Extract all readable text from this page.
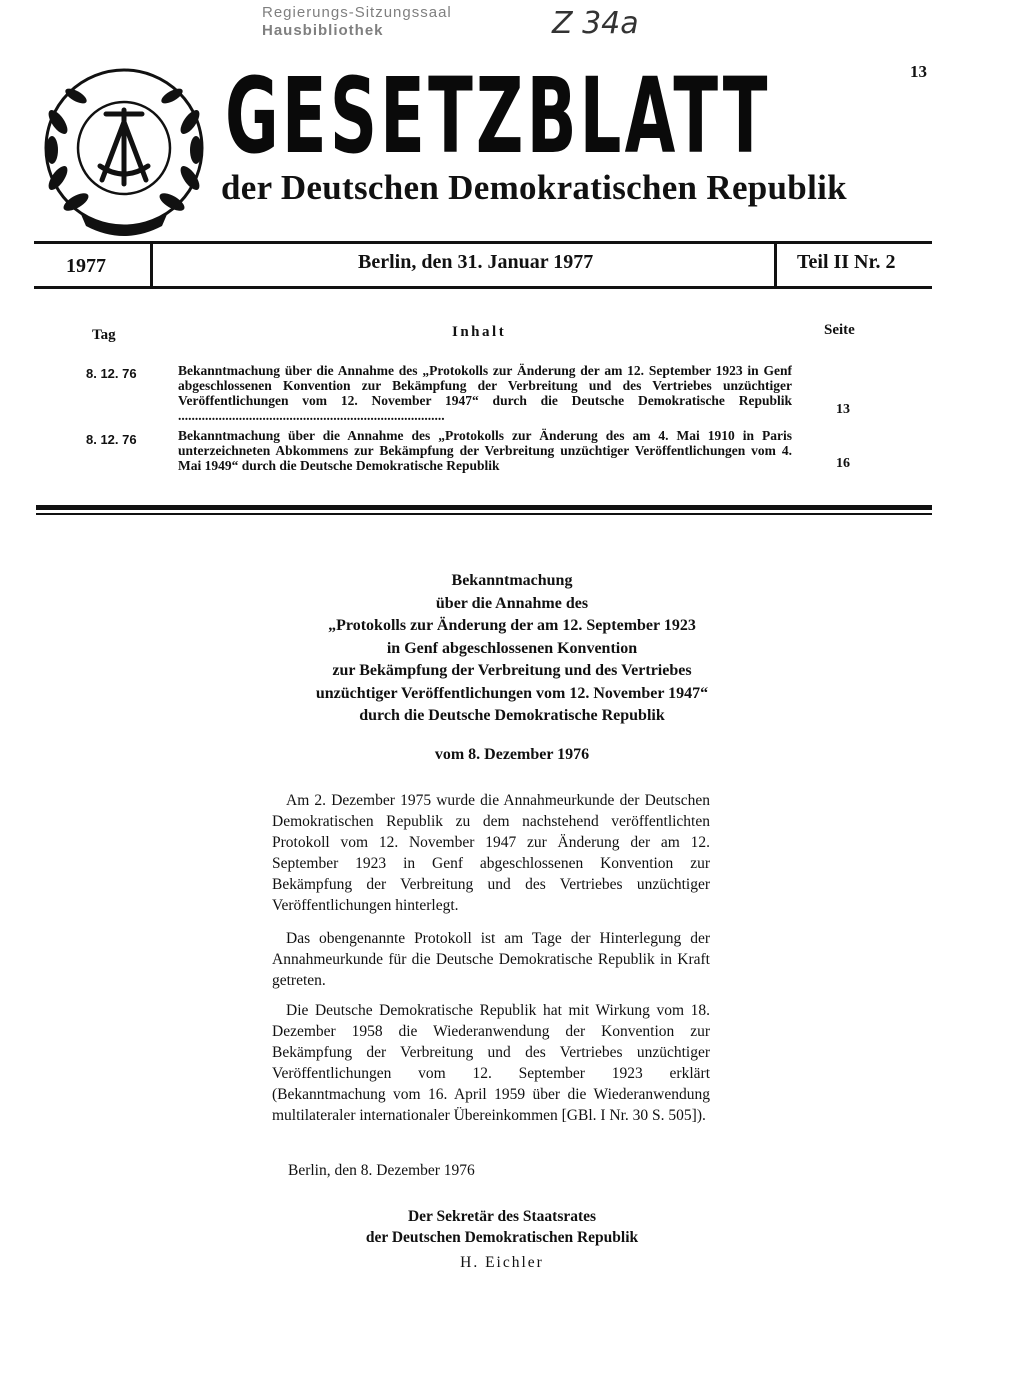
Regierungs-Sitzungssaal
Hausbibliothek	Z 34a
GESETZBLATT
der Deutschen Demokratischen Republik
13
1977	Berlin, den 31. Januar 1977	Teil II Nr. 2
Tag	Inhalt	Seite
8. 12. 76	Bekanntmachung über die Annahme des „Protokolls zur Änderung der am 12. September 1923 in Genf abgeschlossenen Konvention zur Bekämpfung der Verbreitung und des Vertriebes unzüchtiger Veröffentlichungen vom 12. November 1947“ durch die Deutsche Demokratische Republik ...............................................................................	13
8. 12. 76	Bekanntmachung über die Annahme des „Protokolls zur Änderung des am 4. Mai 1910 in Paris unterzeichneten Abkommens zur Bekämpfung der Verbreitung unzüchtiger Veröffentlichungen vom 4. Mai 1949“ durch die Deutsche Demokratische Republik	16
Bekanntmachung
über die Annahme des
„Protokolls zur Änderung der am 12. September 1923
in Genf abgeschlossenen Konvention
zur Bekämpfung der Verbreitung und des Vertriebes
unzüchtiger Veröffentlichungen vom 12. November 1947“
durch die Deutsche Demokratische Republik
vom 8. Dezember 1976
Am 2. Dezember 1975 wurde die Annahmeurkunde der Deutschen Demokratischen Republik zu dem nachstehend veröffentlichten Protokoll vom 12. November 1947 zur Änderung der am 12. September 1923 in Genf abgeschlossenen Konvention zur Bekämpfung der Verbreitung und des Vertriebes unzüchtiger Veröffentlichungen hinterlegt.
Das obengenannte Protokoll ist am Tage der Hinterlegung der Annahmeurkunde für die Deutsche Demokratische Republik in Kraft getreten.
Die Deutsche Demokratische Republik hat mit Wirkung vom 18. Dezember 1958 die Wiederanwendung der Konvention zur Bekämpfung der Verbreitung und des Vertriebes unzüchtiger Veröffentlichungen vom 12. September 1923 erklärt (Bekanntmachung vom 16. April 1959 über die Wiederanwendung multilateraler internationaler Übereinkommen [GBl. I Nr. 30 S. 505]).
Berlin, den 8. Dezember 1976
Der Sekretär des Staatsrates
der Deutschen Demokratischen Republik
H. Eichler
